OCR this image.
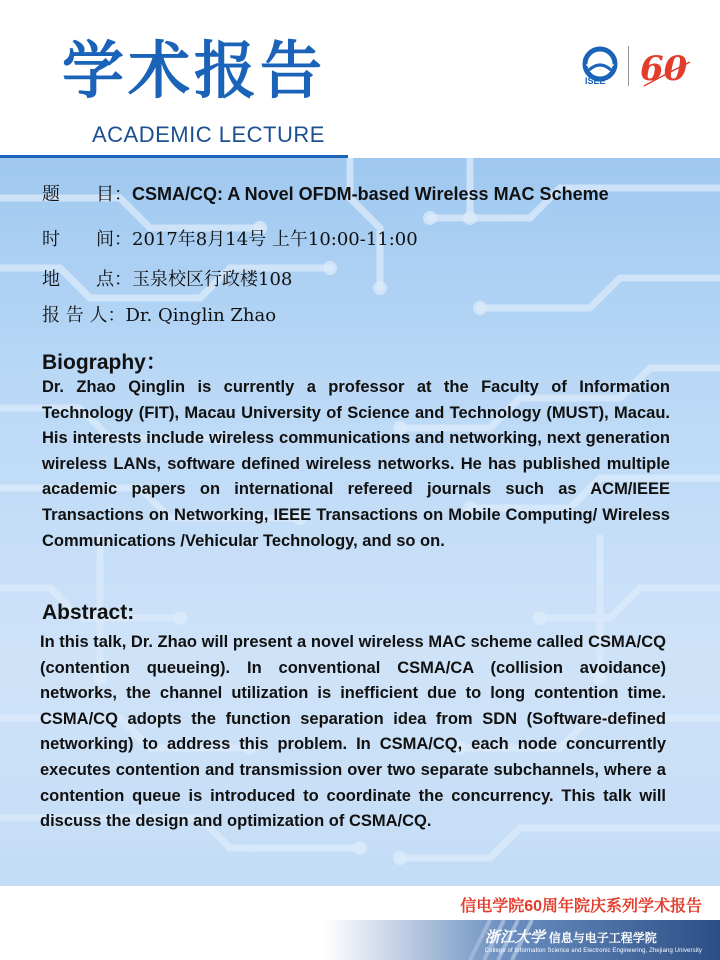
学术报告
ACADEMIC LECTURE
ISEE 60
题　　目：CSMA/CQ: A Novel OFDM-based Wireless MAC Scheme
时　　间：2017年8月14号 上午10:00-11:00
地　　点：玉泉校区行政楼108
报 告 人：Dr. Qinglin Zhao
Biography：
Dr. Zhao Qinglin is currently a professor at the Faculty of Information Technology (FIT), Macau University of Science and Technology (MUST), Macau. His interests include wireless communications and networking, next generation wireless LANs, software defined wireless networks. He has published multiple academic papers on international refereed journals such as ACM/IEEE Transactions on Networking, IEEE Transactions on Mobile Computing/ Wireless Communications /Vehicular Technology, and so on.
Abstract:
In this talk, Dr. Zhao will present a novel wireless MAC scheme called CSMA/CQ (contention queueing). In conventional CSMA/CA (collision avoidance) networks, the channel utilization is inefficient due to long contention time. CSMA/CQ adopts the function separation idea from SDN (Software-defined networking) to address this problem. In CSMA/CQ, each node concurrently executes contention and transmission over two separate subchannels, where a contention queue is introduced to coordinate the concurrency. This talk will discuss the design and optimization of CSMA/CQ.
信电学院60周年院庆系列学术报告
浙江大学 信息与电子工程学院
College of Information Science and Electronic Engineering, Zhejiang University
